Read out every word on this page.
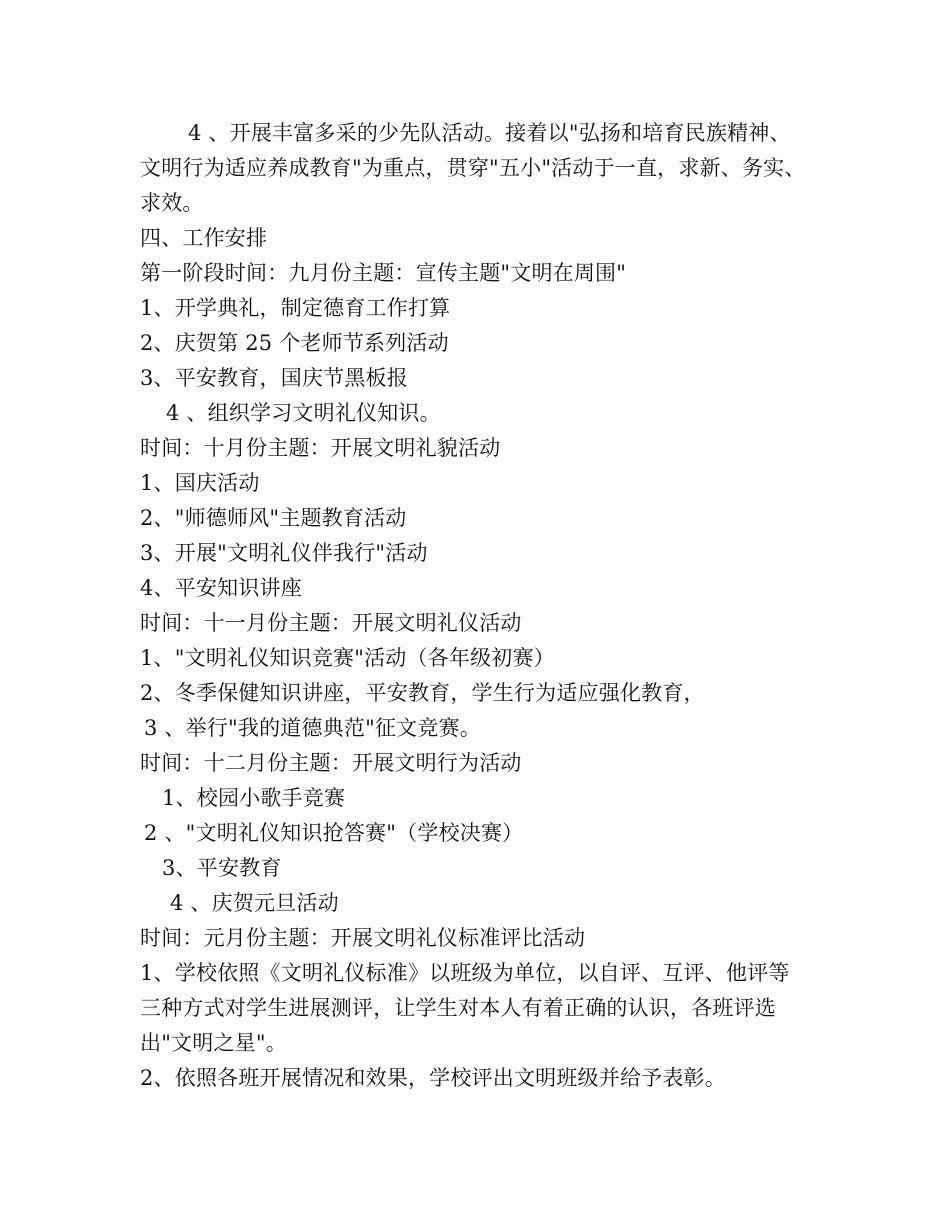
4 、开展丰富多采的少先队活动。接着以"弘扬和培育民族精神、
文明行为适应养成教育"为重点，贯穿"五小"活动于一直，求新、务实、
求效。
四、工作安排
第一阶段时间：九月份主题：宣传主题"文明在周围"
1、开学典礼，制定德育工作打算
2、庆贺第 25 个老师节系列活动
3、平安教育，国庆节黑板报
4 、组织学习文明礼仪知识。
时间：十月份主题：开展文明礼貌活动
1、国庆活动
2、"师德师风"主题教育活动
3、开展"文明礼仪伴我行"活动
4、平安知识讲座
时间：十一月份主题：开展文明礼仪活动
1、"文明礼仪知识竞赛"活动（各年级初赛）
2、冬季保健知识讲座，平安教育，学生行为适应强化教育，
3 、举行"我的道德典范"征文竞赛。
时间：十二月份主题：开展文明行为活动
1、校园小歌手竞赛
2 、"文明礼仪知识抢答赛"（学校决赛）
3、平安教育
4 、庆贺元旦活动
时间：元月份主题：开展文明礼仪标准评比活动
1、学校依照《文明礼仪标准》以班级为单位，以自评、互评、他评等
三种方式对学生进展测评，让学生对本人有着正确的认识，各班评选
出"文明之星"。
2、依照各班开展情况和效果，学校评出文明班级并给予表彰。
